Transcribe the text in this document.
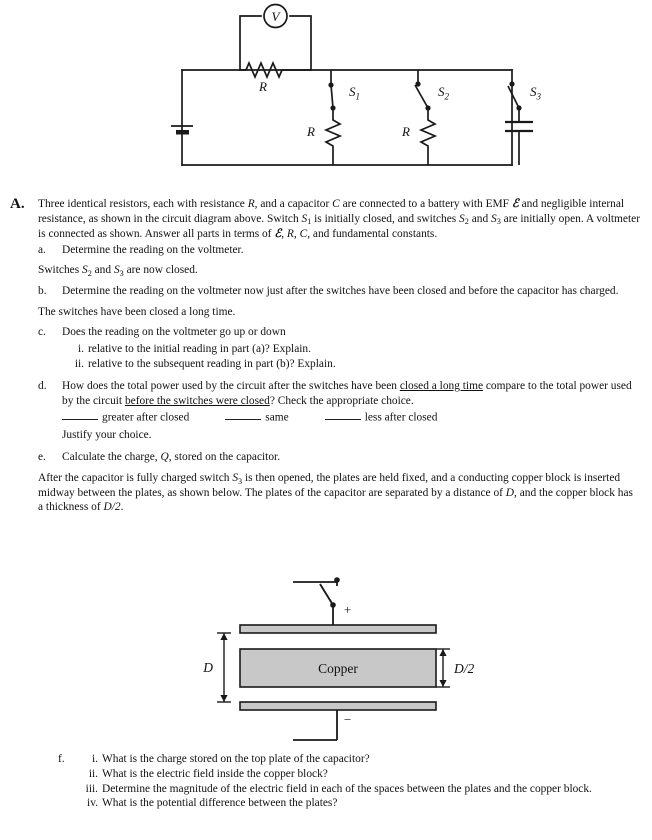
V
R	$S_1$
R
$S_2$
R
$S_3$
A. Three identical resistors, each with resistance R, and a capacitor C are connected to a battery with EMF ℰ and negligible internal resistance, as shown in the circuit diagram above. Switch $S_1$ is initially closed, and switches $S_2$ and $S_3$ are initially open. A voltmeter is connected as shown. Answer all parts in terms of ℰ, R, C, and fundamental constants.
a.	Determine the reading on the voltmeter.
Switches $S_2$ and $S_3$ are now closed.
b.	Determine the reading on the voltmeter now just after the switches have been closed and before the capacitor has charged.
The switches have been closed a long time.
c.	Does the reading on the voltmeter go up or down
i. relative to the initial reading in part (a)? Explain.
ii. relative to the subsequent reading in part (b)? Explain.
d.	How does the total power used by the circuit after the switches have been closed a long time compare to the total power used by the circuit before the switches were closed? Check the appropriate choice.
greater after closed	same	less after closed
Justify your choice.
e.	Calculate the charge, Q, stored on the capacitor.
After the capacitor is fully charged switch $S_3$ is then opened, the plates are held fixed, and a conducting copper block is inserted midway between the plates, as shown below. The plates of the capacitor are separated by a distance of D, and the copper block has a thickness of D/2.
+
Copper
−
D	D/2
f.	i. What is the charge stored on the top plate of the capacitor?
ii. What is the electric field inside the copper block?
iii. Determine the magnitude of the electric field in each of the spaces between the plates and the copper block.
iv. What is the potential difference between the plates?
